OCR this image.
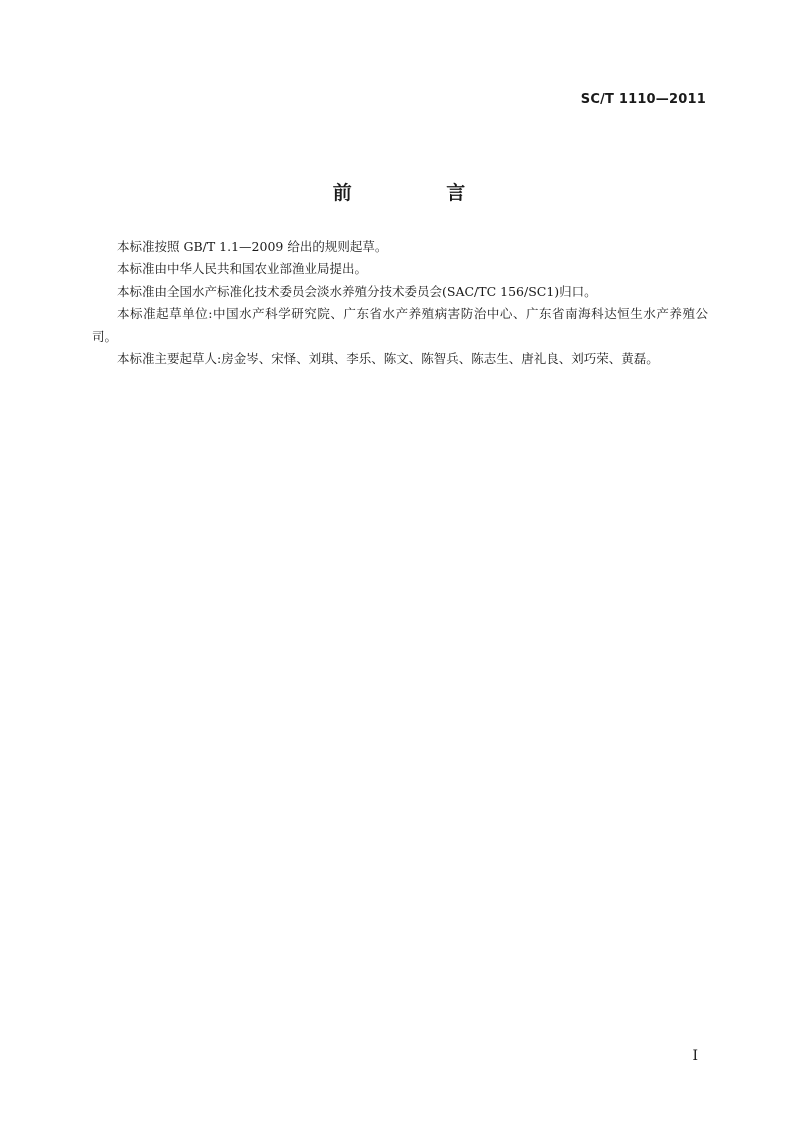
SC/T 1110—2011
前 言

本标准按照 GB/T 1.1—2009 给出的规则起草。

本标准由中华人民共和国农业部渔业局提出。

本标准由全国水产标准化技术委员会淡水养殖分技术委员会(SAC/TC 156/SC1)归口。

本标准起草单位:中国水产科学研究院、广东省水产养殖病害防治中心、广东省南海科达恒生水产养殖公司。

本标准主要起草人:房金岑、宋怿、刘琪、李乐、陈文、陈智兵、陈志生、唐礼良、刘巧荣、黄磊。

I
